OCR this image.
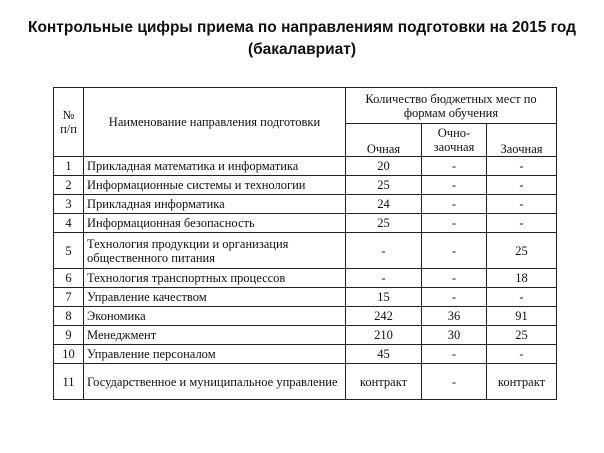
Контрольные цифры приема по направлениям подготовки на 2015 год
(бакалавриат)
№
п/п	Наименование направления подготовки	Количество бюджетных мест по формам обучения		
		Очная	Очно-
заочная	Заочная
1	Прикладная математика и информатика	20	-	-
2	Информационные системы и технологии	25	-	-
3	Прикладная информатика	24	-	-
4	Информационная безопасность	25	-	-
5	Технология продукции и организация общественного питания	-	-	25
6	Технология транспортных процессов	-	-	18
7	Управление качеством	15	-	-
8	Экономика	242	36	91
9	Менеджмент	210	30	25
10	Управление персоналом	45	-	-
11	Государственное и муниципальное управление	контракт	-	контракт
